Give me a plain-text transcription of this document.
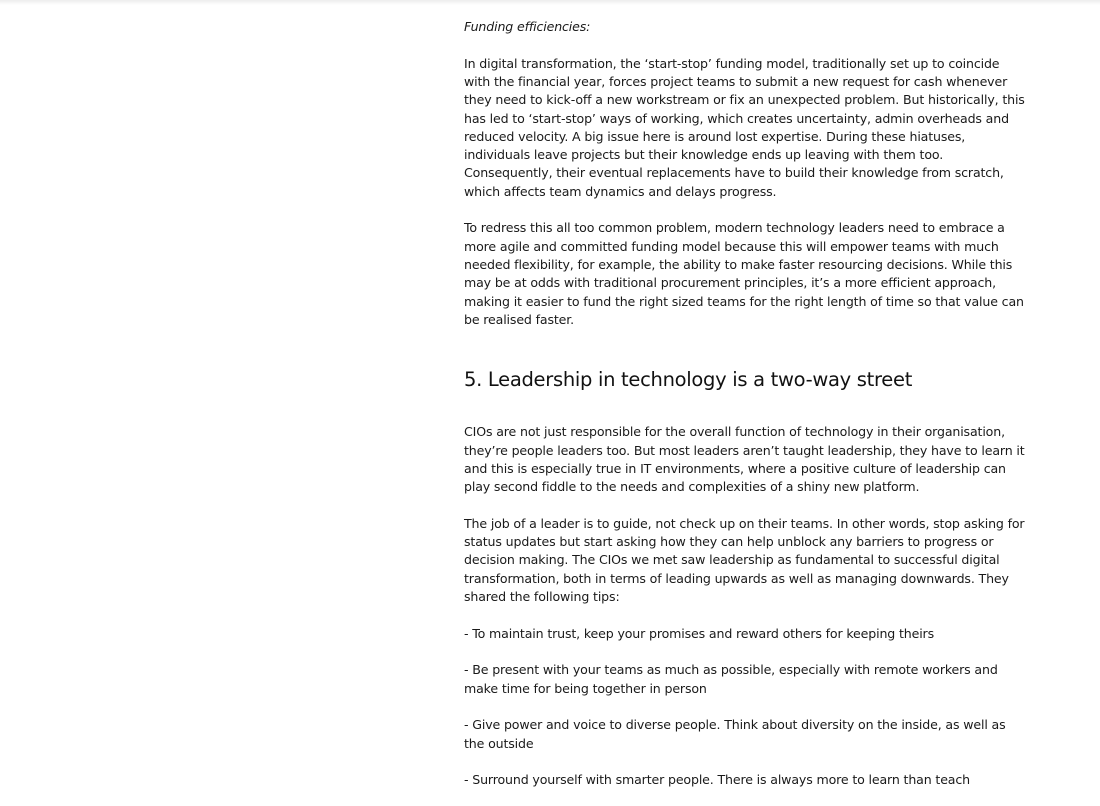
Funding efficiencies:

In digital transformation, the ‘start-stop’ funding model, traditionally set up to coincide with the financial year, forces project teams to submit a new request for cash whenever they need to kick-off a new workstream or fix an unexpected problem. But historically, this has led to ‘start-stop’ ways of working, which creates uncertainty, admin overheads and reduced velocity. A big issue here is around lost expertise. During these hiatuses, individuals leave projects but their knowledge ends up leaving with them too. Consequently, their eventual replacements have to build their knowledge from scratch, which affects team dynamics and delays progress.

To redress this all too common problem, modern technology leaders need to embrace a more agile and committed funding model because this will empower teams with much needed flexibility, for example, the ability to make faster resourcing decisions. While this may be at odds with traditional procurement principles, it’s a more efficient approach, making it easier to fund the right sized teams for the right length of time so that value can be realised faster.

5. Leadership in technology is a two-way street

CIOs are not just responsible for the overall function of technology in their organisation, they’re people leaders too. But most leaders aren’t taught leadership, they have to learn it and this is especially true in IT environments, where a positive culture of leadership can play second fiddle to the needs and complexities of a shiny new platform.

The job of a leader is to guide, not check up on their teams. In other words, stop asking for status updates but start asking how they can help unblock any barriers to progress or decision making. The CIOs we met saw leadership as fundamental to successful digital transformation, both in terms of leading upwards as well as managing downwards. They shared the following tips:

- To maintain trust, keep your promises and reward others for keeping theirs

- Be present with your teams as much as possible, especially with remote workers and make time for being together in person

- Give power and voice to diverse people. Think about diversity on the inside, as well as the outside

- Surround yourself with smarter people. There is always more to learn than teach
